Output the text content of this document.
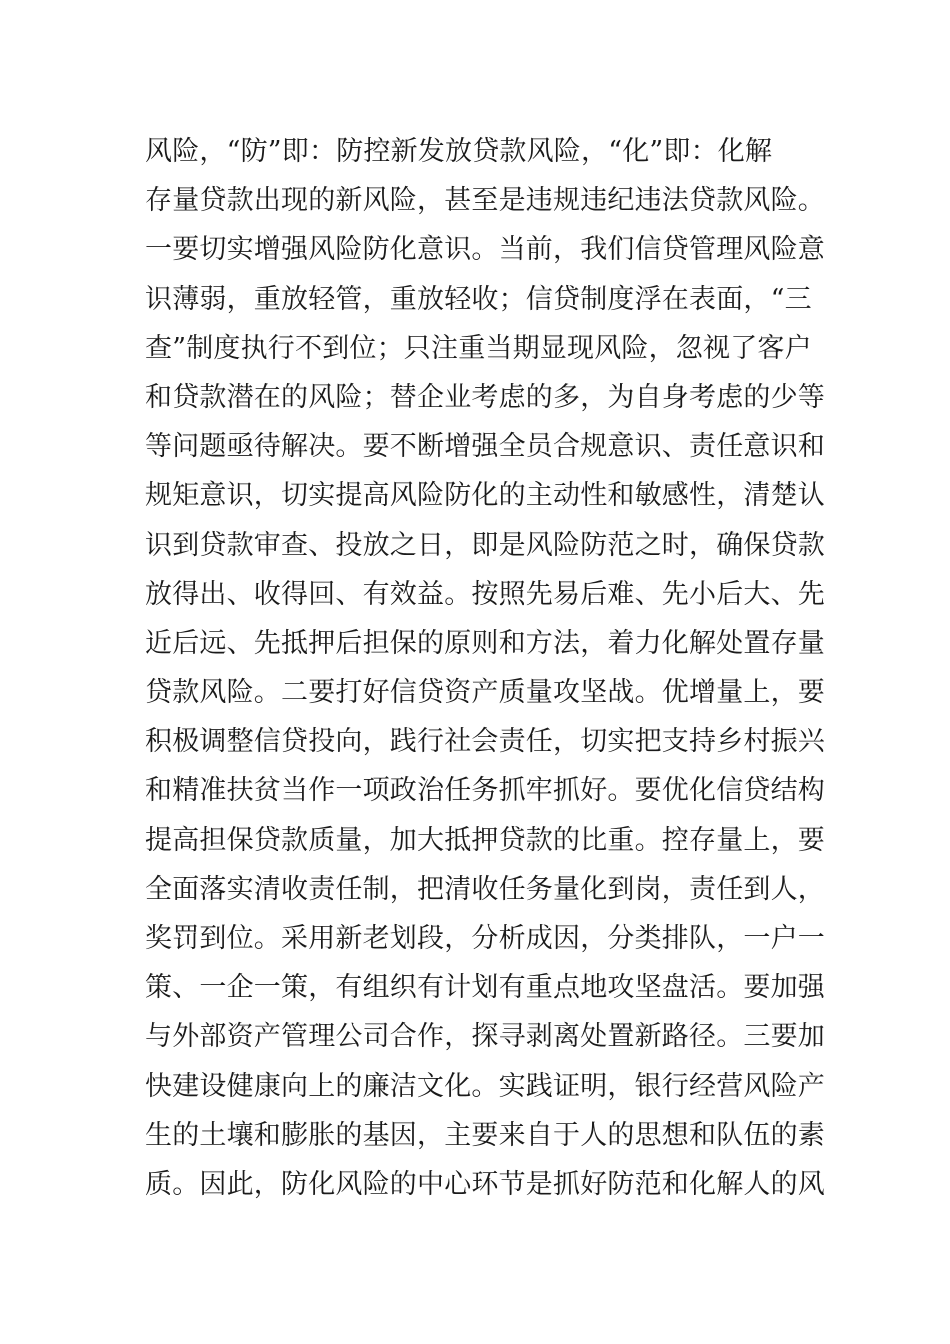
风险，“防”即：防控新发放贷款风险，“化”即：化解
存量贷款出现的新风险，甚至是违规违纪违法贷款风险。
一要切实增强风险防化意识。当前，我们信贷管理风险意
识薄弱，重放轻管，重放轻收；信贷制度浮在表面，“三
查”制度执行不到位；只注重当期显现风险，忽视了客户
和贷款潜在的风险；替企业考虑的多，为自身考虑的少等
等问题亟待解决。要不断增强全员合规意识、责任意识和
规矩意识，切实提高风险防化的主动性和敏感性，清楚认
识到贷款审查、投放之日，即是风险防范之时，确保贷款
放得出、收得回、有效益。按照先易后难、先小后大、先
近后远、先抵押后担保的原则和方法，着力化解处置存量
贷款风险。二要打好信贷资产质量攻坚战。优增量上，要
积极调整信贷投向，践行社会责任，切实把支持乡村振兴
和精准扶贫当作一项政治任务抓牢抓好。要优化信贷结构
提高担保贷款质量，加大抵押贷款的比重。控存量上，要
全面落实清收责任制，把清收任务量化到岗，责任到人，
奖罚到位。采用新老划段，分析成因，分类排队，一户一
策、一企一策，有组织有计划有重点地攻坚盘活。要加强
与外部资产管理公司合作，探寻剥离处置新路径。三要加
快建设健康向上的廉洁文化。实践证明，银行经营风险产
生的土壤和膨胀的基因，主要来自于人的思想和队伍的素
质。因此，防化风险的中心环节是抓好防范和化解人的风
